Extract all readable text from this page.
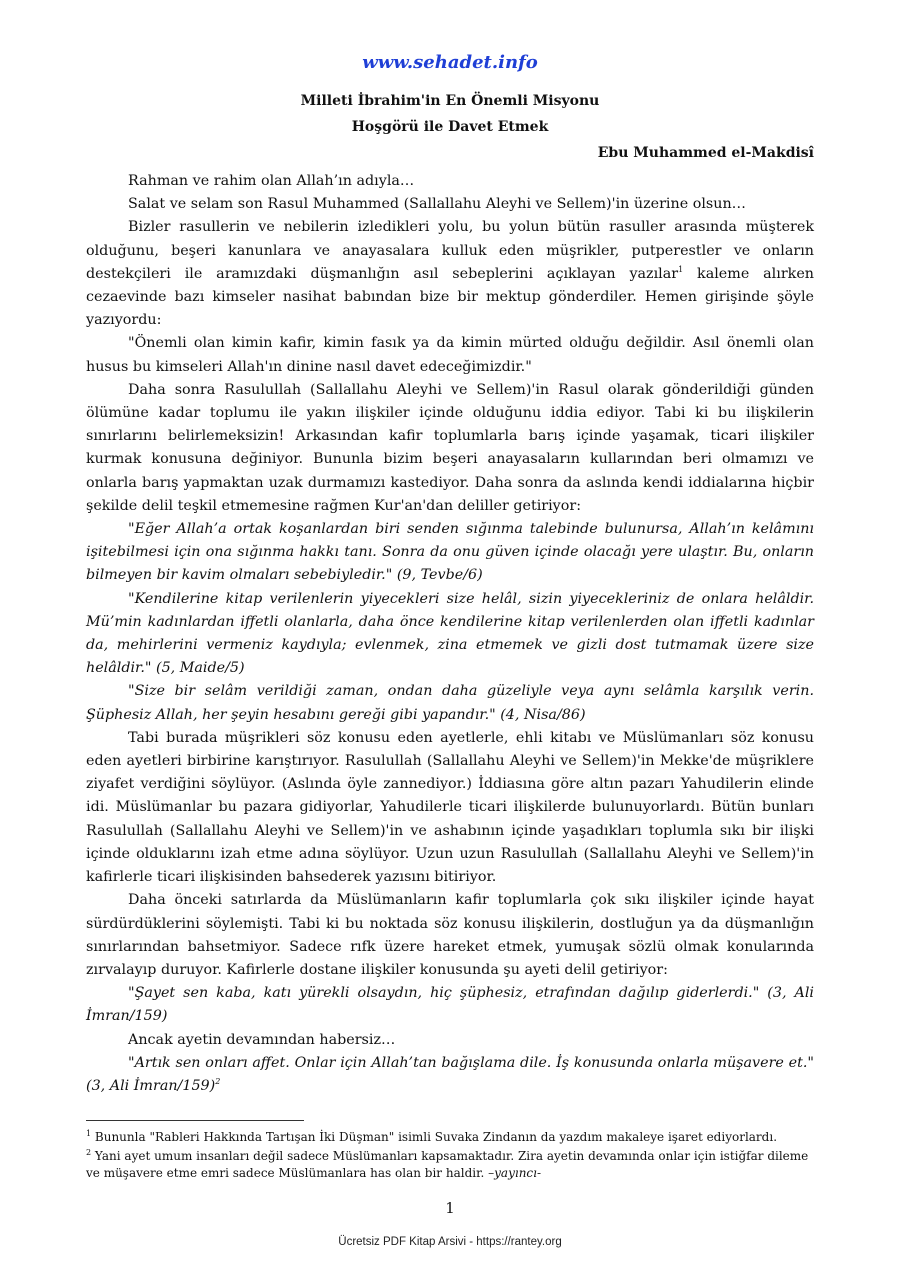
www.sehadet.info

Milleti İbrahim'in En Önemli Misyonu

Hoşgörü ile Davet Etmek

Ebu Muhammed el-Makdisî

Rahman ve rahim olan Allah’ın adıyla…

Salat ve selam son Rasul Muhammed (Sallallahu Aleyhi ve Sellem)'in üzerine olsun…

Bizler rasullerin ve nebilerin izledikleri yolu, bu yolun bütün rasuller arasında müşterek olduğunu, beşeri kanunlara ve anayasalara kulluk eden müşrikler, putperestler ve onların destekçileri ile aramızdaki düşmanlığın asıl sebeplerini açıklayan yazılar$^1$ kaleme alırken cezaevinde bazı kimseler nasihat babından bize bir mektup gönderdiler. Hemen girişinde şöyle yazıyordu:

"Önemli olan kimin kafir, kimin fasık ya da kimin mürted olduğu değildir. Asıl önemli olan husus bu kimseleri Allah'ın dinine nasıl davet edeceğimizdir."

Daha sonra Rasulullah (Sallallahu Aleyhi ve Sellem)'in Rasul olarak gönderildiği günden ölümüne kadar toplumu ile yakın ilişkiler içinde olduğunu iddia ediyor. Tabi ki bu ilişkilerin sınırlarını belirlemeksizin! Arkasından kafir toplumlarla barış içinde yaşamak, ticari ilişkiler kurmak konusuna değiniyor. Bununla bizim beşeri anayasaların kullarından beri olmamızı ve onlarla barış yapmaktan uzak durmamızı kastediyor. Daha sonra da aslında kendi iddialarına hiçbir şekilde delil teşkil etmemesine rağmen Kur'an'dan deliller getiriyor:

"Eğer Allah’a ortak koşanlardan biri senden sığınma talebinde bulunursa, Allah’ın kelâmını işitebilmesi için ona sığınma hakkı tanı. Sonra da onu güven içinde olacağı yere ulaştır. Bu, onların bilmeyen bir kavim olmaları sebebiyledir." (9, Tevbe/6)

"Kendilerine kitap verilenlerin yiyecekleri size helâl, sizin yiyecekleriniz de onlara helâldir. Mü’min kadınlardan iffetli olanlarla, daha önce kendilerine kitap verilenlerden olan iffetli kadınlar da, mehirlerini vermeniz kaydıyla; evlenmek, zina etmemek ve gizli dost tutmamak üzere size helâldir." (5, Maide/5)

"Size bir selâm verildiği zaman, ondan daha güzeliyle veya aynı selâmla karşılık verin. Şüphesiz Allah, her şeyin hesabını gereği gibi yapandır." (4, Nisa/86)

Tabi burada müşrikleri söz konusu eden ayetlerle, ehli kitabı ve Müslümanları söz konusu eden ayetleri birbirine karıştırıyor. Rasulullah (Sallallahu Aleyhi ve Sellem)'in Mekke'de müşriklere ziyafet verdiğini söylüyor. (Aslında öyle zannediyor.) İddiasına göre altın pazarı Yahudilerin elinde idi. Müslümanlar bu pazara gidiyorlar, Yahudilerle ticari ilişkilerde bulunuyorlardı. Bütün bunları Rasulullah (Sallallahu Aleyhi ve Sellem)'in ve ashabının içinde yaşadıkları toplumla sıkı bir ilişki içinde olduklarını izah etme adına söylüyor. Uzun uzun Rasulullah (Sallallahu Aleyhi ve Sellem)'in kafirlerle ticari ilişkisinden bahsederek yazısını bitiriyor.

Daha önceki satırlarda da Müslümanların kafir toplumlarla çok sıkı ilişkiler içinde hayat sürdürdüklerini söylemişti. Tabi ki bu noktada söz konusu ilişkilerin, dostluğun ya da düşmanlığın sınırlarından bahsetmiyor. Sadece rıfk üzere hareket etmek, yumuşak sözlü olmak konularında zırvalayıp duruyor. Kafirlerle dostane ilişkiler konusunda şu ayeti delil getiriyor:

"Şayet sen kaba, katı yürekli olsaydın, hiç şüphesiz, etrafından dağılıp giderlerdi." (3, Ali İmran/159)

Ancak ayetin devamından habersiz…

"Artık sen onları affet. Onlar için Allah’tan bağışlama dile. İş konusunda onlarla müşavere et." (3, Ali İmran/159)$^2$

$^1$ Bununla "Rableri Hakkında Tartışan İki Düşman" isimli Suvaka Zindanın da yazdım makaleye işaret ediyorlardı.

$^2$ Yani ayet umum insanları değil sadece Müslümanları kapsamaktadır. Zira ayetin devamında onlar için istiğfar dileme ve müşavere etme emri sadece Müslümanlara has olan bir haldir. –yayıncı-

1
Ücretsiz PDF Kitap Arsivi - https://rantey.org
